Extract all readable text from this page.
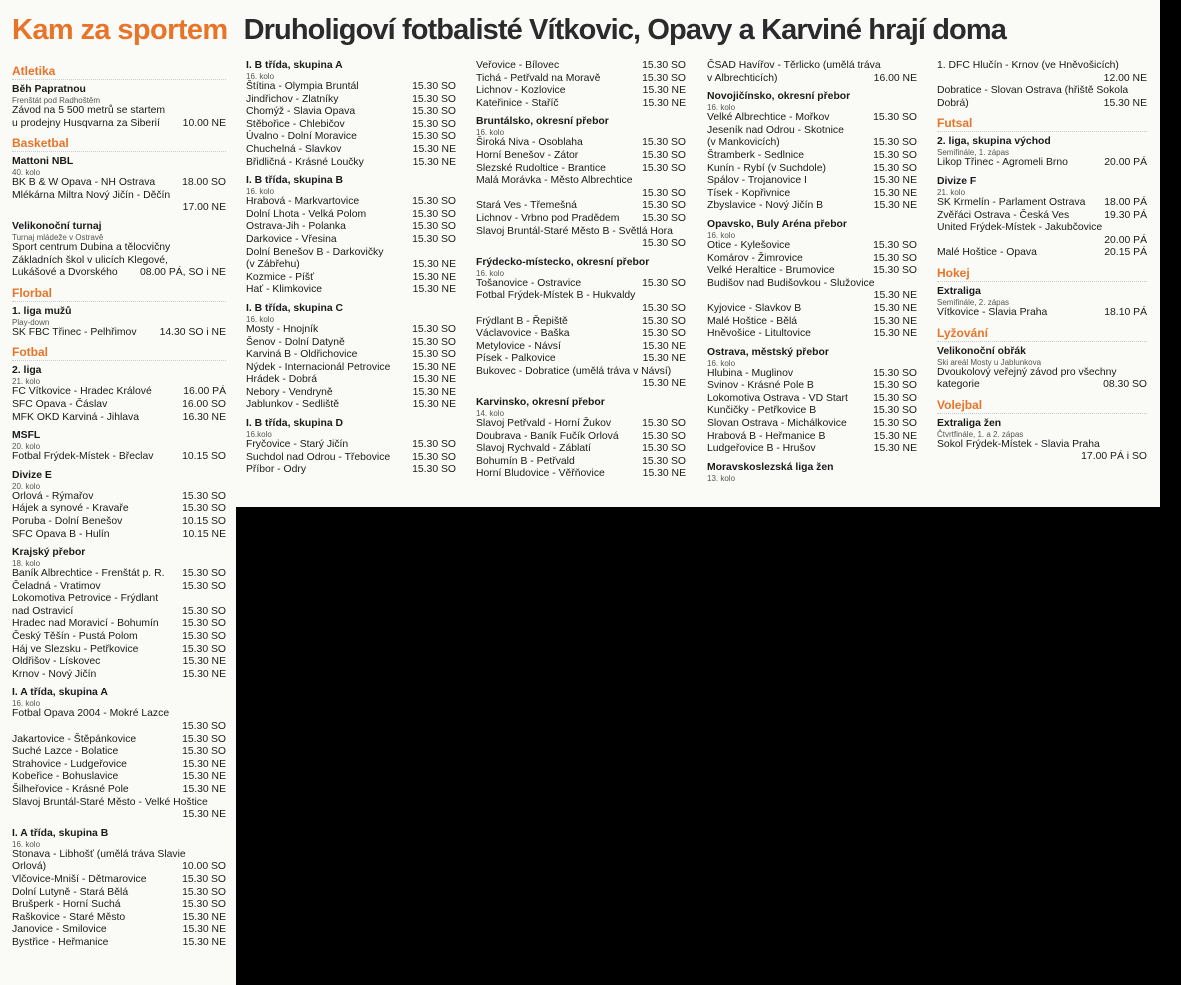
Kam za sportem Druholigoví fotbalisté Vítkovic, Opavy a Karviné hrají doma
Atletika
Běh Papratnou
Frenštát pod Radhoštěm
Závod na 5 500 metrů se startem
u prodejny Husqvarna za Siberií	10.00 NE
Basketbal
Mattoni NBL
40. kolo
BK B & W Opava - NH Ostrava	18.00 SO
Mlékárna Miltra Nový Jičín - Děčín
17.00 NE
Velikonoční turnaj
Turnaj mládeže v Ostravě
Sport centrum Dubina a tělocvičny
Základních škol v ulicích Klegové,
Lukášové a Dvorského	08.00 PÁ, SO i NE
Florbal
1. liga mužů
Play-down
SK FBC Třinec - Pelhřimov	14.30 SO i NE
Fotbal
2. liga
21. kolo
FC Vítkovice - Hradec Králové	16.00 PÁ
SFC Opava - Čáslav	16.00 SO
MFK OKD Karviná - Jihlava	16.30 NE
MSFL
20. kolo
Fotbal Frýdek-Místek - Břeclav	10.15 SO
Divize E
20. kolo
Orlová - Rýmařov	15.30 SO
Hájek a synové - Kravaře	15.30 SO
Poruba - Dolní Benešov	10.15 SO
SFC Opava B - Hulín	10.15 NE
Krajský přebor
18. kolo
Baník Albrechtice - Frenštát p. R.	15.30 SO
Čeladná - Vratimov	15.30 SO
Lokomotiva Petrovice - Frýdlant
nad Ostravicí	15.30 SO
Hradec nad Moravicí - Bohumín	15.30 SO
Český Těšín - Pustá Polom	15.30 SO
Háj ve Slezsku - Petřkovice	15.30 SO
Oldřišov - Lískovec	15.30 NE
Krnov - Nový Jičín	15.30 NE
I. A třída, skupina A
16. kolo
Fotbal Opava 2004 - Mokré Lazce
15.30 SO
Jakartovice - Štěpánkovice	15.30 SO
Suché Lazce - Bolatice	15.30 SO
Strahovice - Ludgeřovice	15.30 NE
Kobeřice - Bohuslavice	15.30 NE
Šilheřovice - Krásné Pole	15.30 NE
Slavoj Bruntál-Staré Město - Velké Hoštice
15.30 NE
I. A třída, skupina B
16. kolo
Stonava - Libhošť (umělá tráva Slavie
Orlová)	10.00 SO
Vlčovice-Mniší - Dětmarovice	15.30 SO
Dolní Lutyně - Stará Bělá	15.30 SO
Brušperk - Horní Suchá	15.30 SO
Raškovice - Staré Město	15.30 NE
Janovice - Smilovice	15.30 NE
Bystřice - Heřmanice	15.30 NE
I. B třída, skupina A
16. kolo
Štítina - Olympia Bruntál	15.30 SO
Jindřichov - Zlatníky	15.30 SO
Chomýž - Slavia Opava	15.30 SO
Stěbořice - Chlebičov	15.30 SO
Úvalno - Dolní Moravice	15.30 SO
Chuchelná - Slavkov	15.30 NE
Břidličná - Krásné Loučky	15.30 NE
I. B třída, skupina B
16. kolo
Hrabová - Markvartovice	15.30 SO
Dolní Lhota - Velká Polom	15.30 SO
Ostrava-Jih - Polanka	15.30 SO
Darkovice - Vřesina	15.30 SO
Dolní Benešov B - Darkovičky
(v Zábřehu)	15.30 NE
Kozmice - Píšť	15.30 NE
Hať - Klimkovice	15.30 NE
I. B třída, skupina C
16. kolo
Mosty - Hnojník	15.30 SO
Šenov - Dolní Datyně	15.30 SO
Karviná B - Oldřichovice	15.30 SO
Nýdek - Internacionál Petrovice	15.30 NE
Hrádek - Dobrá	15.30 NE
Nebory - Vendryně	15.30 NE
Jablunkov - Sedliště	15.30 NE
I. B třída, skupina D
16.kolo
Fryčovice - Starý Jičín	15.30 SO
Suchdol nad Odrou - Třebovice	15.30 SO
Příbor - Odry	15.30 SO
Veřovice - Bílovec	15.30 SO
Tichá - Petřvald na Moravě	15.30 SO
Lichnov - Kozlovice	15.30 NE
Kateřinice - Staříč	15.30 NE
Bruntálsko, okresní přebor
16. kolo
Široká Niva - Osoblaha	15.30 SO
Horní Benešov - Zátor	15.30 SO
Slezské Rudoltice - Brantice	15.30 SO
Malá Morávka - Město Albrechtice
15.30 SO
Stará Ves - Třemešná	15.30 SO
Lichnov - Vrbno pod Pradědem	15.30 SO
Slavoj Bruntál-Staré Město B - Světlá Hora
15.30 SO
Frýdecko-místecko, okresní přebor
16. kolo
Tošanovice - Ostravice	15.30 SO
Fotbal Frýdek-Místek B - Hukvaldy
15.30 SO
Frýdlant B - Řepiště	15.30 SO
Václavovice - Baška	15.30 SO
Metylovice - Návsí	15.30 NE
Písek - Palkovice	15.30 NE
Bukovec - Dobratice (umělá tráva v Návsí)
15.30 NE
Karvinsko, okresní přebor
14. kolo
Slavoj Petřvald - Horní Žukov	15.30 SO
Doubrava - Baník Fučík Orlová	15.30 SO
Slavoj Rychvald - Záblatí	15.30 SO
Bohumín B - Petřvald	15.30 SO
Horní Bludovice - Věřňovice	15.30 NE
ČSAD Havířov - Těrlicko (umělá tráva
v Albrechticích)	16.00 NE
Novojičínsko, okresní přebor
16. kolo
Velké Albrechtice - Mořkov	15.30 SO
Jeseník nad Odrou - Skotnice
(v Mankovicích)	15.30 SO
Štramberk - Sedlnice	15.30 SO
Kunín - Rybí (v Suchdole)	15.30 SO
Spálov - Trojanovice I	15.30 NE
Tísek - Kopřivnice	15.30 NE
Zbyslavice - Nový Jičín B	15.30 NE
Opavsko, Buly Aréna přebor
16. kolo
Otice - Kylešovice	15.30 SO
Komárov - Žimrovice	15.30 SO
Velké Heraltice - Brumovice	15.30 SO
Budišov nad Budišovkou - Služovice
15.30 NE
Kyjovice - Slavkov B	15.30 NE
Malé Hoštice - Bělá	15.30 NE
Hněvošice - Litultovice	15.30 NE
Ostrava, městský přebor
16. kolo
Hlubina - Muglinov	15.30 SO
Svinov - Krásné Pole B	15.30 SO
Lokomotiva Ostrava - VD Start	15.30 SO
Kunčičky - Petřkovice B	15.30 SO
Slovan Ostrava - Michálkovice	15.30 SO
Hrabová B - Heřmanice B	15.30 NE
Ludgeřovice B - Hrušov	15.30 NE
Moravskoslezská liga žen
13. kolo
1. DFC Hlučín - Krnov (ve Hněvošicích)
12.00 NE
Dobratice - Slovan Ostrava (hřiště Sokola
Dobrá)	15.30 NE
Futsal
2. liga, skupina východ
Semifinále, 1. zápas
Likop Třinec - Agromeli Brno	20.00 PÁ
Divize F
21. kolo
SK Krmelín - Parlament Ostrava	18.00 PÁ
Zvěřáci Ostrava - Česká Ves	19.30 PÁ
United Frýdek-Místek - Jakubčovice
20.00 PÁ
Malé Hoštice - Opava	20.15 PÁ
Hokej
Extraliga
Semifinále, 2. zápas
Vítkovice - Slavia Praha	18.10 PÁ
Lyžování
Velikonoční obřák
Ski areál Mosty u Jablunkova
Dvoukolový veřejný závod pro všechny
kategorie	08.30 SO
Volejbal
Extraliga žen
Čtvrtfinále, 1. a 2. zápas
Sokol Frýdek-Místek - Slavia Praha
17.00 PÁ i SO
